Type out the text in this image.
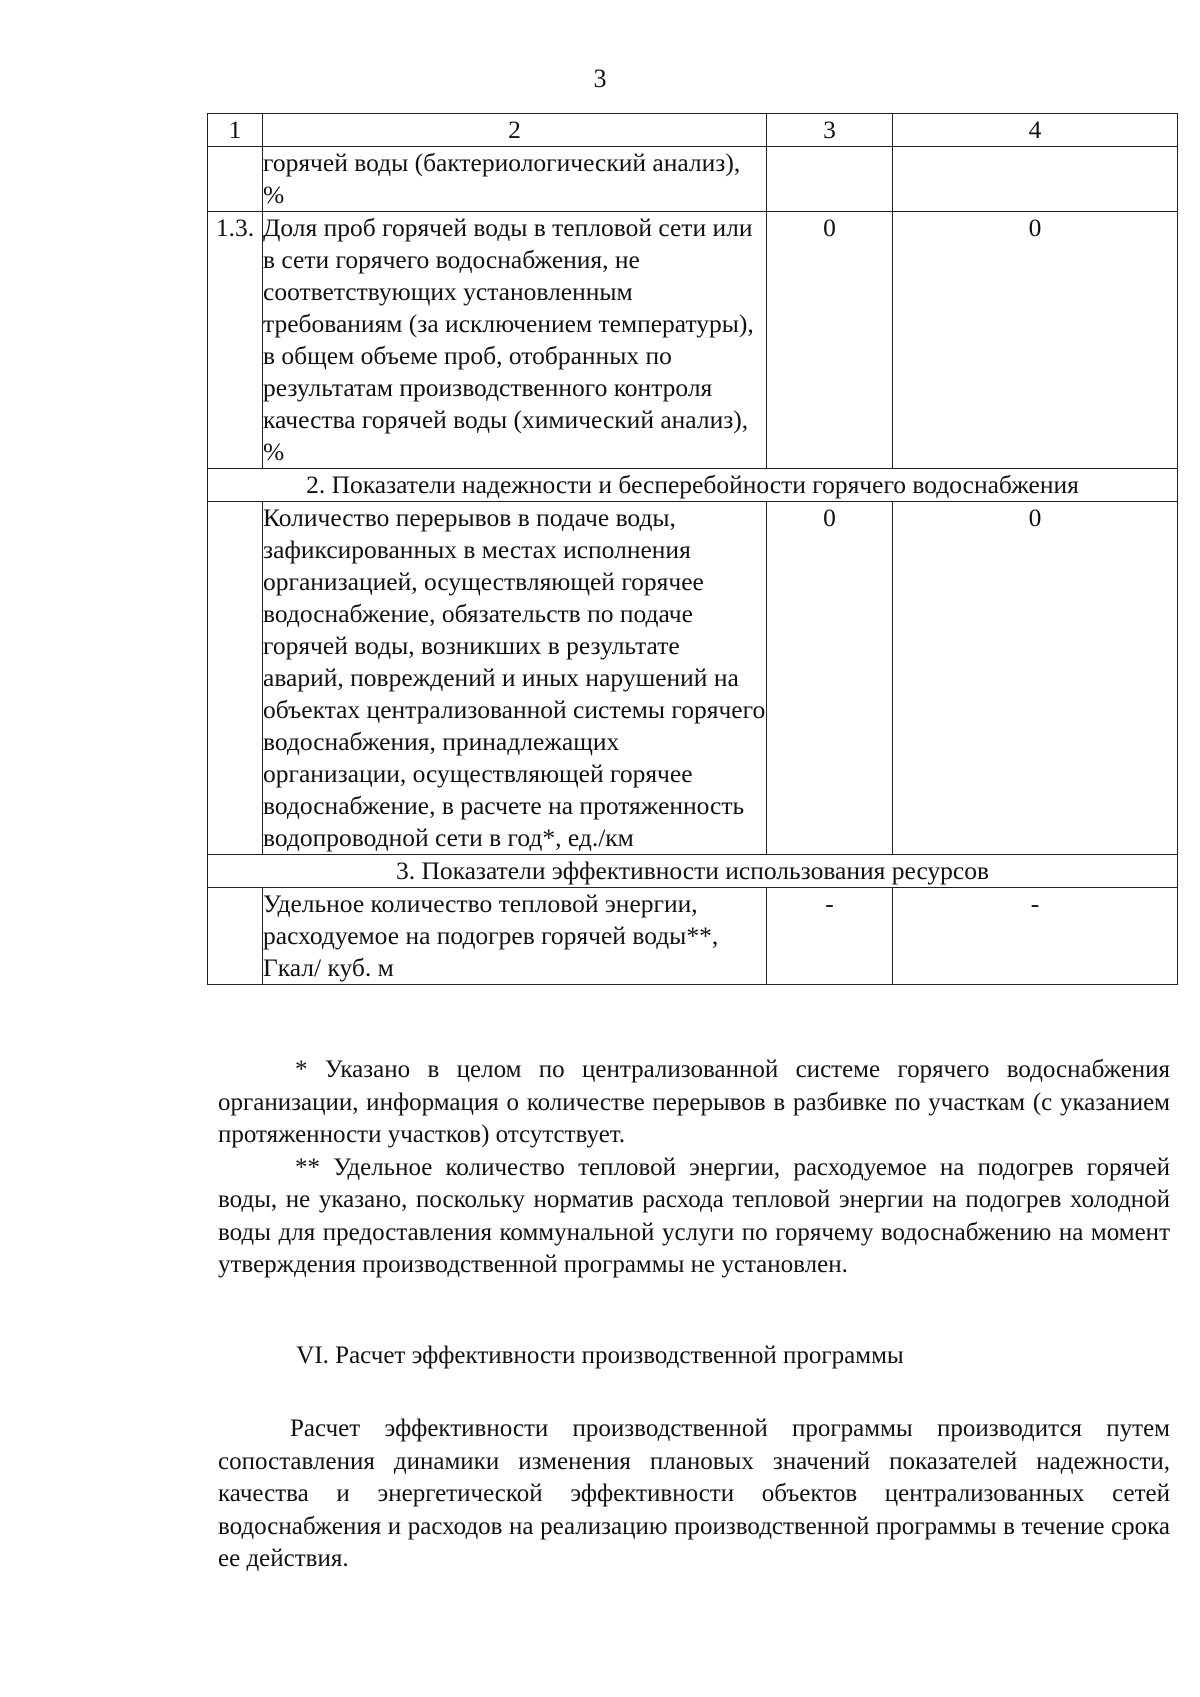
3
1	2	3	4
	горячей воды (бактериологический анализ), %		
1.3.	Доля проб горячей воды в тепловой сети или в сети горячего водоснабжения, не соответствующих установленным требованиям (за исключением температуры), в общем объеме проб, отобранных по результатам производственного контроля качества горячей воды (химический анализ), %	0	0
2. Показатели надежности и бесперебойности горячего водоснабжения			
	Количество перерывов в подаче воды, зафиксированных в местах исполнения организацией, осуществляющей горячее водоснабжение, обязательств по подаче горячей воды, возникших в результате аварий, повреждений и иных нарушений на объектах централизованной системы горячего водоснабжения, принадлежащих организации, осуществляющей горячее водоснабжение, в расчете на протяженность водопроводной сети в год*, ед./км	0	0
3. Показатели эффективности использования ресурсов			
	Удельное количество тепловой энергии, расходуемое на подогрев горячей воды**, Гкал/ куб. м	-	-

* Указано в целом по централизованной системе горячего водоснабжения организации, информация о количестве перерывов в разбивке по участкам (с указанием протяженности участков) отсутствует.

** Удельное количество тепловой энергии, расходуемое на подогрев горячей воды, не указано, поскольку норматив расхода тепловой энергии на подогрев холодной воды для предоставления коммунальной услуги по горячему водоснабжению на момент утверждения производственной программы не установлен.

VI. Расчет эффективности производственной программы

Расчет эффективности производственной программы производится путем сопоставления динамики изменения плановых значений показателей надежности, качества и энергетической эффективности объектов централизованных сетей водоснабжения и расходов на реализацию производственной программы в течение срока ее действия.
